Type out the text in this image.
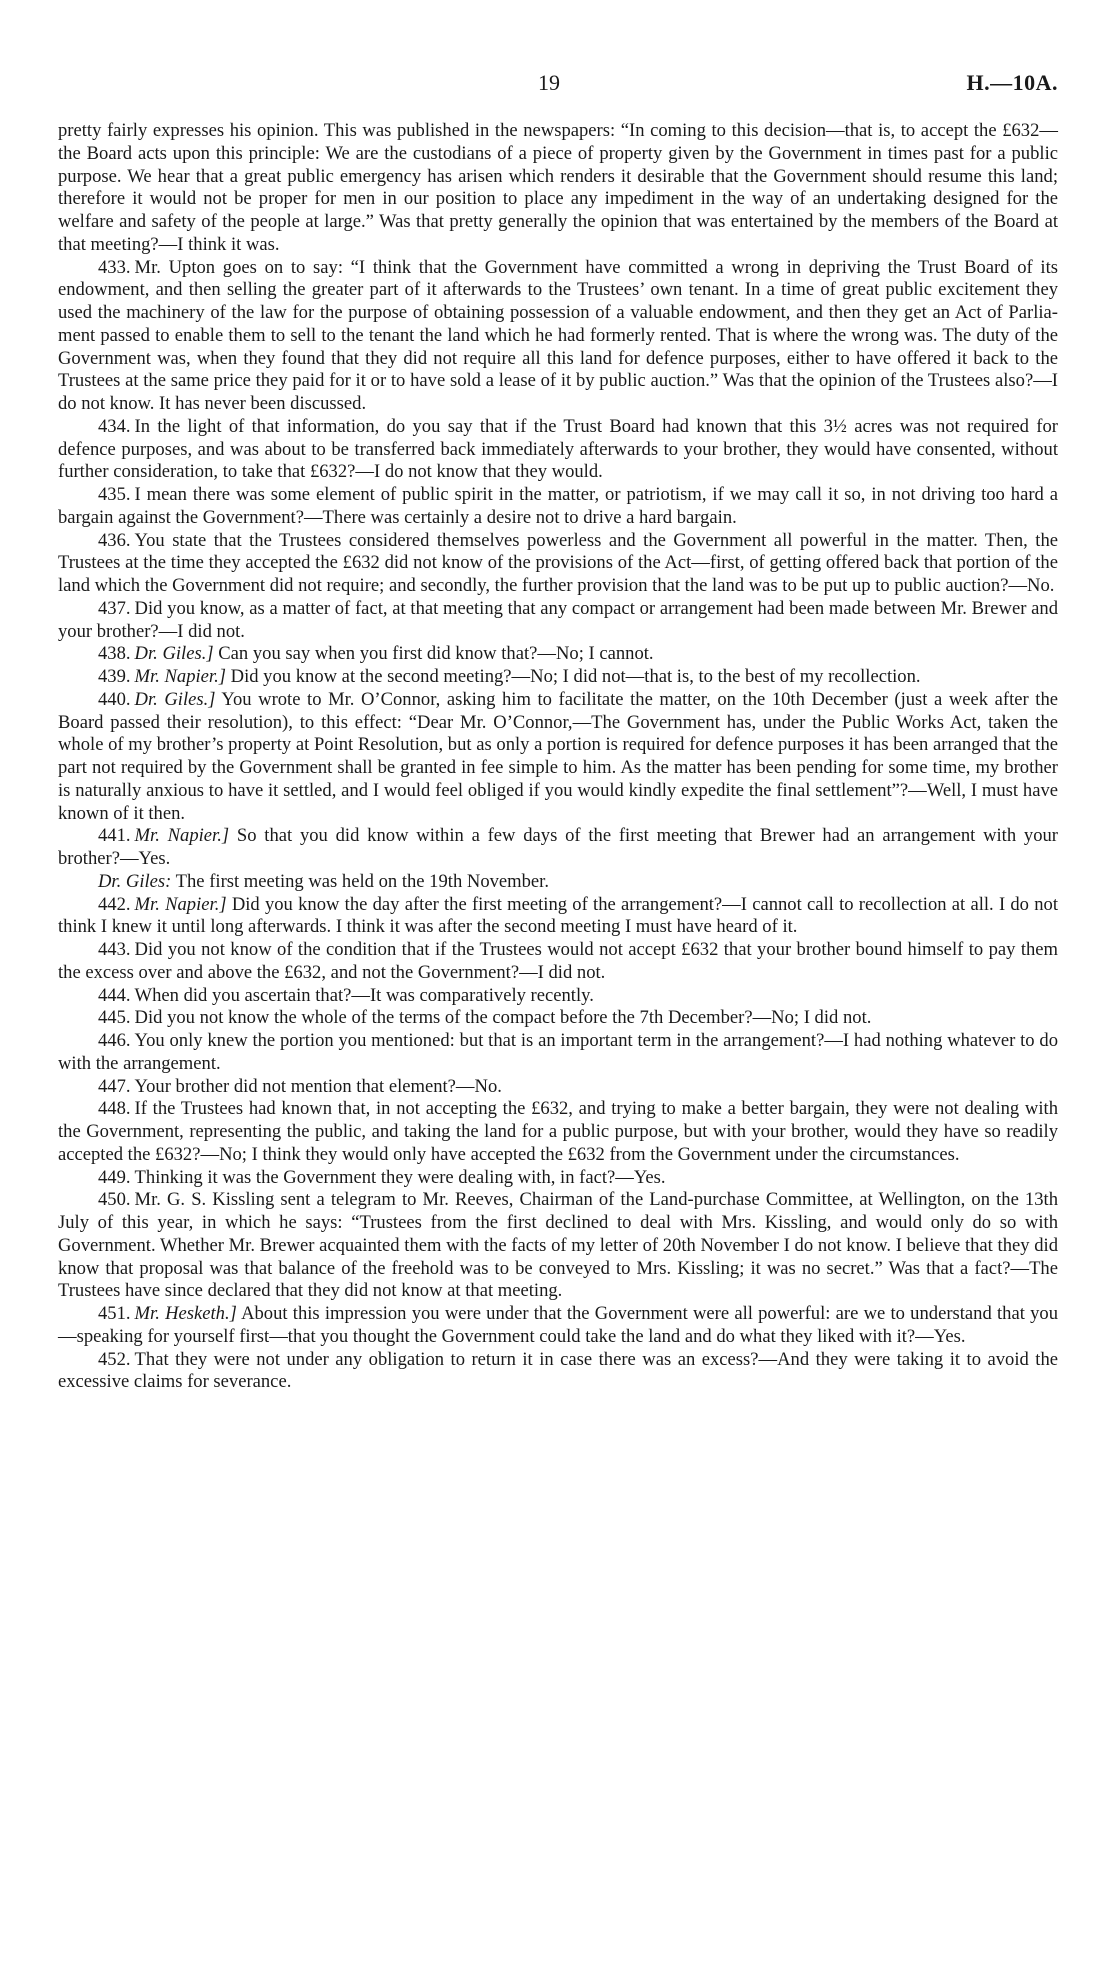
19	H.—10A.

pretty fairly expresses his opinion. This was published in the newspapers: “In coming to this decision—that is, to accept the £632—the Board acts upon this principle: We are the custodians of a piece of property given by the Government in times past for a public purpose. We hear that a great public emergency has arisen which renders it desirable that the Government should resume this land; therefore it would not be proper for men in our position to place any impediment in the way of an undertaking designed for the welfare and safety of the people at large.” Was that pretty generally the opinion that was entertained by the members of the Board at that meeting?—I think it was.

433. Mr. Upton goes on to say: “I think that the Government have committed a wrong in depriving the Trust Board of its endowment, and then selling the greater part of it afterwards to the Trustees’ own tenant. In a time of great public excitement they used the machinery of the law for the purpose of obtaining possession of a valuable endowment, and then they get an Act of Parliament passed to enable them to sell to the tenant the land which he had formerly rented. That is where the wrong was. The duty of the Government was, when they found that they did not require all this land for defence purposes, either to have offered it back to the Trustees at the same price they paid for it or to have sold a lease of it by public auction.” Was that the opinion of the Trustees also?—I do not know. It has never been discussed.

434. In the light of that information, do you say that if the Trust Board had known that this 3½ acres was not required for defence purposes, and was about to be transferred back immediately afterwards to your brother, they would have consented, without further consideration, to take that £632?—I do not know that they would.

435. I mean there was some element of public spirit in the matter, or patriotism, if we may call it so, in not driving too hard a bargain against the Government?—There was certainly a desire not to drive a hard bargain.

436. You state that the Trustees considered themselves powerless and the Government all powerful in the matter. Then, the Trustees at the time they accepted the £632 did not know of the provisions of the Act—first, of getting offered back that portion of the land which the Government did not require; and secondly, the further provision that the land was to be put up to public auction?—No.

437. Did you know, as a matter of fact, at that meeting that any compact or arrangement had been made between Mr. Brewer and your brother?—I did not.

438. Dr. Giles.] Can you say when you first did know that?—No; I cannot.

439. Mr. Napier.] Did you know at the second meeting?—No; I did not—that is, to the best of my recollection.

440. Dr. Giles.] You wrote to Mr. O’Connor, asking him to facilitate the matter, on the 10th December (just a week after the Board passed their resolution), to this effect: “Dear Mr. O’Connor,—The Government has, under the Public Works Act, taken the whole of my brother’s property at Point Resolution, but as only a portion is required for defence purposes it has been arranged that the part not required by the Government shall be granted in fee simple to him. As the matter has been pending for some time, my brother is naturally anxious to have it settled, and I would feel obliged if you would kindly expedite the final settlement”?—Well, I must have known of it then.

441. Mr. Napier.] So that you did know within a few days of the first meeting that Brewer had an arrangement with your brother?—Yes.

Dr. Giles: The first meeting was held on the 19th November.

442. Mr. Napier.] Did you know the day after the first meeting of the arrangement?—I cannot call to recollection at all. I do not think I knew it until long afterwards. I think it was after the second meeting I must have heard of it.

443. Did you not know of the condition that if the Trustees would not accept £632 that your brother bound himself to pay them the excess over and above the £632, and not the Government?—I did not.

444. When did you ascertain that?—It was comparatively recently.

445. Did you not know the whole of the terms of the compact before the 7th December?—No; I did not.

446. You only knew the portion you mentioned: but that is an important term in the arrangement?—I had nothing whatever to do with the arrangement.

447. Your brother did not mention that element?—No.

448. If the Trustees had known that, in not accepting the £632, and trying to make a better bargain, they were not dealing with the Government, representing the public, and taking the land for a public purpose, but with your brother, would they have so readily accepted the £632?—No; I think they would only have accepted the £632 from the Government under the circumstances.

449. Thinking it was the Government they were dealing with, in fact?—Yes.

450. Mr. G. S. Kissling sent a telegram to Mr. Reeves, Chairman of the Land-purchase Committee, at Wellington, on the 13th July of this year, in which he says: “Trustees from the first declined to deal with Mrs. Kissling, and would only do so with Government. Whether Mr. Brewer acquainted them with the facts of my letter of 20th November I do not know. I believe that they did know that proposal was that balance of the freehold was to be conveyed to Mrs. Kissling; it was no secret.” Was that a fact?—The Trustees have since declared that they did not know at that meeting.

451. Mr. Hesketh.] About this impression you were under that the Government were all powerful: are we to understand that you—speaking for yourself first—that you thought the Government could take the land and do what they liked with it?—Yes.

452. That they were not under any obligation to return it in case there was an excess?—And they were taking it to avoid the excessive claims for severance.
